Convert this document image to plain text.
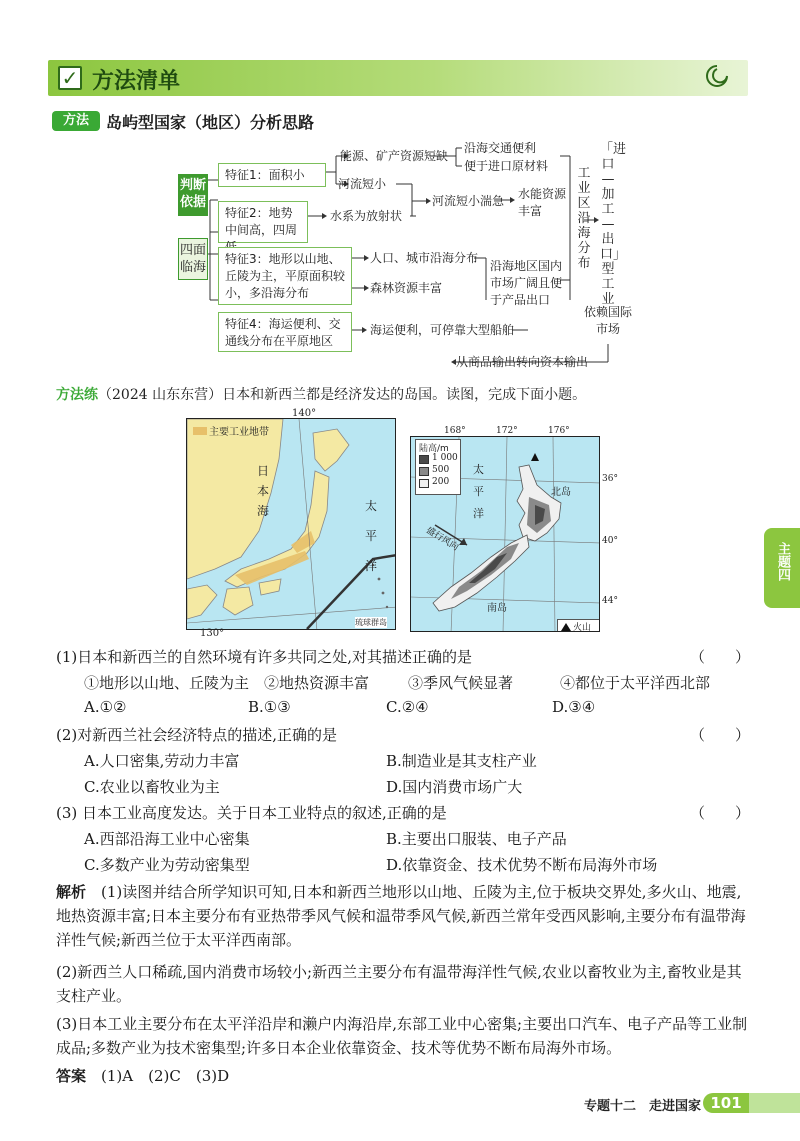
✓ 方法清单
方法	岛屿型国家（地区）分析思路
判断依据
四面临海
特征1：面积小
特征2：地势中间高，四周
特征3：地形以山地、丘陵为主，平原面积较小，多沿海分布
特征4：海运便利、交通线分布在平原地区
能源、矿产资源短缺
河流短小
水系为放射状
人口、城市沿海分布
森林资源丰富
海运便利，可停靠大型船舶
沿海交通便利
便于进口原材料
河流短小湍急 水能资源丰富
沿海地区国内市场广阔且便于产品出口
工业区沿海分布
「进口—加工—出口」型工业
依赖国际市场
从商品输出转向资本输出
方法练（2024 山东东营）日本和新西兰都是经济发达的岛国。读图，完成下面小题。
主要工业地带
日
本
海	太
平
洋
琉球群岛
140°
130°
陆高/m
1 000
500
200
太
平
洋
北岛
南岛
盛行风向
火山
168°	172°	176°
36°
40°
44°
(1)日本和新西兰的自然环境有许多共同之处,对其描述正确的是	（　　）
①地形以山地、丘陵为主 ②地热资源丰富	③季风气候显著	④都位于太平洋西北部
A.①②	B.①③	C.②④	D.③④
(2)对新西兰社会经济特点的描述,正确的是	（　　）
A.人口密集,劳动力丰富	B.制造业是其支柱产业
C.农业以畜牧业为主	D.国内消费市场广大
(3) 日本工业高度发达。关于日本工业特点的叙述,正确的是	（　　）
A.西部沿海工业中心密集	B.主要出口服装、电子产品
C.多数产业为劳动密集型	D.依靠资金、技术优势不断布局海外市场
解析　(1)读图并结合所学知识可知,日本和新西兰地形以山地、丘陵为主,位于板块交界处,多火山、地震,地热资源丰富;日本主要分布有亚热带季风气候和温带季风气候,新西兰常年受西风影响,主要分布有温带海洋性气候;新西兰位于太平洋西南部。
(2)新西兰人口稀疏,国内消费市场较小;新西兰主要分布有温带海洋性气候,农业以畜牧业为主,畜牧业是其支柱产业。
(3)日本工业主要分布在太平洋沿岸和濑户内海沿岸,东部工业中心密集;主要出口汽车、电子产品等工业制成品;多数产业为技术密集型;许多日本企业依靠资金、技术等优势不断布局海外市场。
答案　 (1)A　(2)C　(3)D
主题四
专题十二　走进国家 101
